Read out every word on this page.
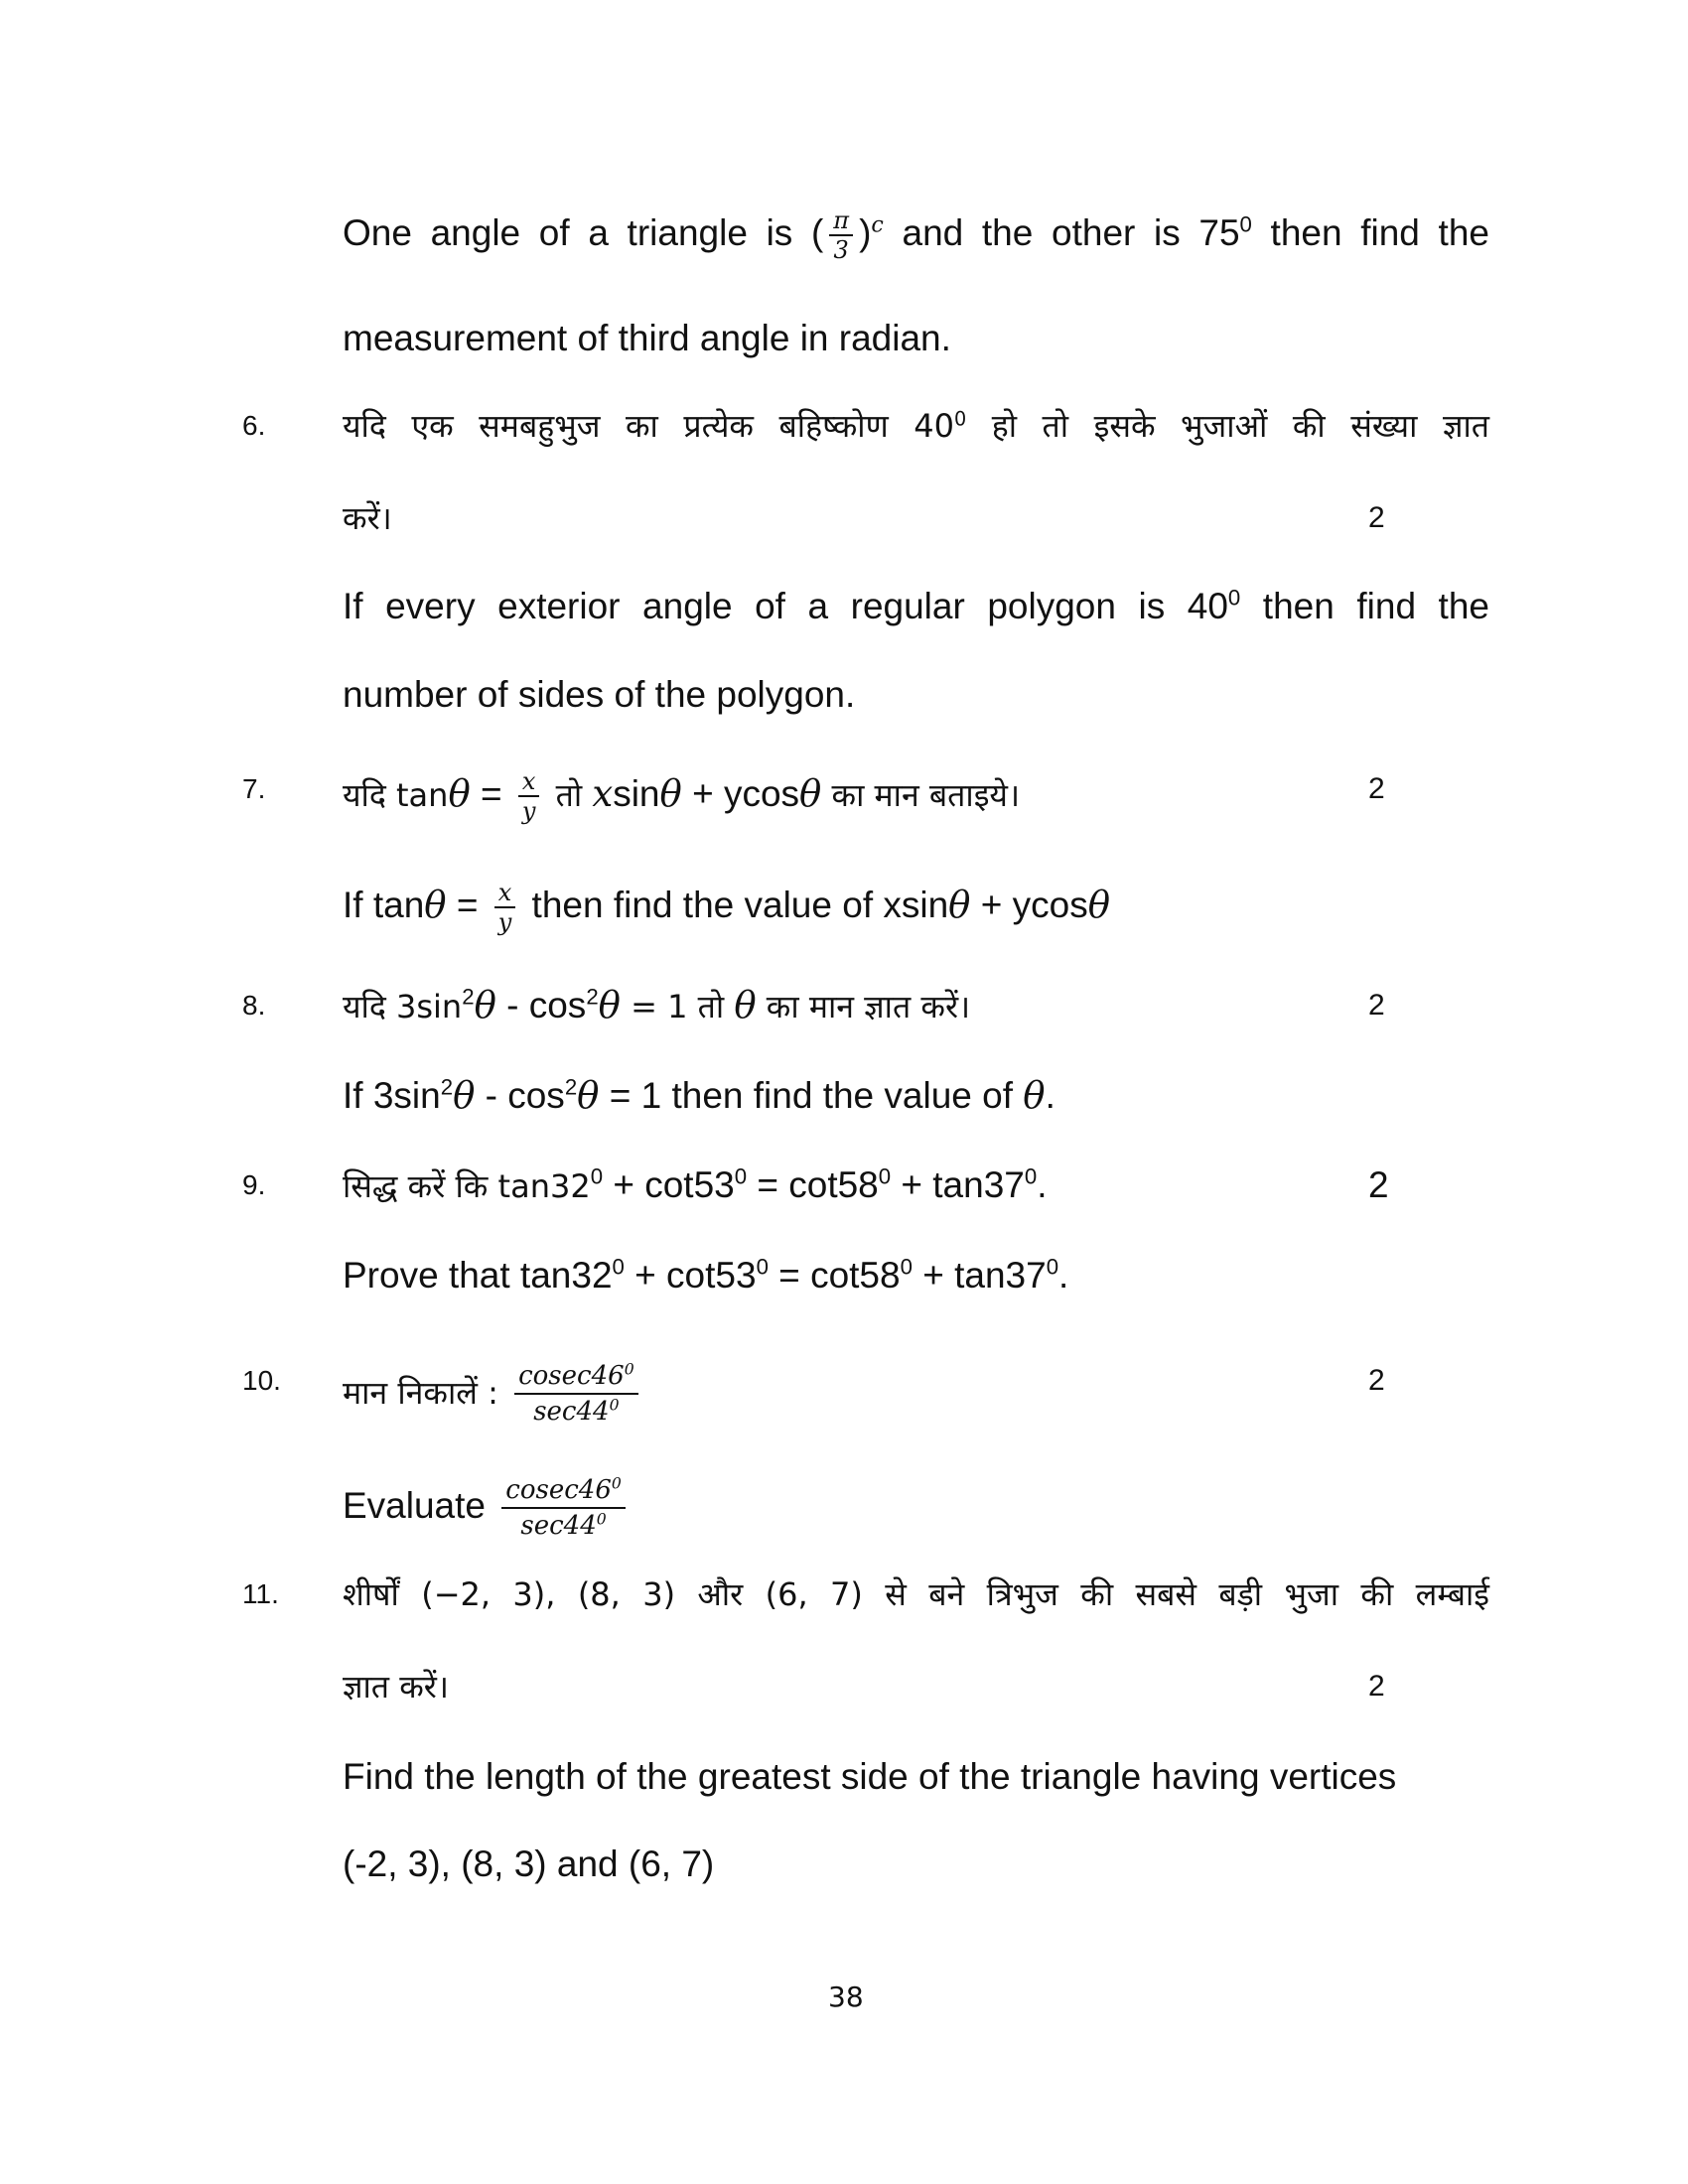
One angle of a triangle is ( $\frac{\pi}{3} )^c$ and the other is $75^0$ then find the
measurement of third angle in radian.
6. यदि एक समबहुभुज का प्रत्येक बहिष्कोण $40^0$ हो तो इसके भुजाओं की संख्या ज्ञात
करें।	2
If every exterior angle of a regular polygon is $40^0$ then find the
number of sides of the polygon.
7. यदि $\tan\theta = \frac{x}{y}$ तो xsinθ + ycosθ का मान बताइये।	2
If $\tan\theta = \frac{x}{y}$ then find the value of xsinθ + ycosθ
8. यदि $3\sin^2\theta - \cos^2\theta = 1$ तो θ का मान ज्ञात करें।	2
If $3\sin^2\theta - \cos^2\theta = 1$ then find the value of θ.
9. सिद्ध करें कि $\tan 32^0 + \cot 53^0 = \cot 58^0 + \tan 37^0$.	2
Prove that $\tan 32^0 + \cot 53^0 = \cot 58^0 + \tan 37^0$.
10. मान निकालें : $\frac{cosec46^0}{\sec 44^0}$	2
Evaluate $\frac{cosec46^0}{\sec 44^0}$
11. शीर्षों (−2, 3), (8, 3) और (6, 7) से बने त्रिभुज की सबसे बड़ी भुजा की लम्बाई
ज्ञात करें।	2
Find the length of the greatest side of the triangle having vertices
(-2, 3), (8, 3) and (6, 7)
38
